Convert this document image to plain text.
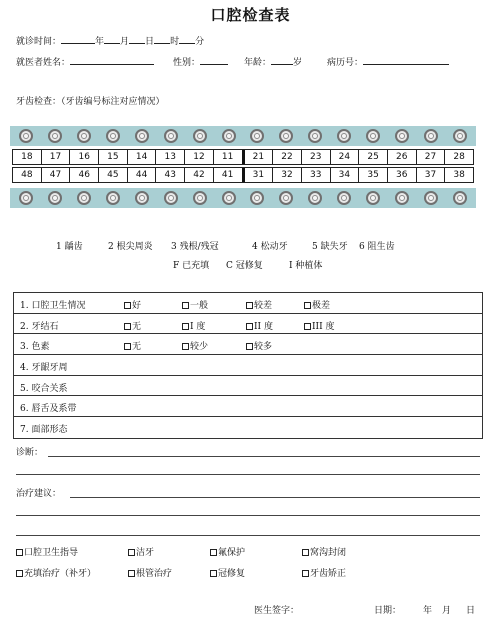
口腔检查表
就诊时间：	年 月 日 时 分
就医者姓名：	性别：	年龄： 岁	病历号：
牙齿检查：（牙齿编号标注对应情况）
18	17	16	15	14	13	12	11	21	22	23	24	25	26	27	28
48	47	46	45	44	43	42	41	31	32	33	34	35	36	37	38
1 龋齿	2 根尖周炎 3 残根/残冠	4 松动牙	5 缺失牙 6 阻生齿
F 已充填 C 冠修复	I 种植体
1. 口腔卫生情况	好	一般	较差	极差
2. 牙结石	无	I 度	II 度	III 度
3. 色素	无	较少	较多
4. 牙龈牙周
5. 咬合关系
6. 唇舌及系带
7. 面部形态
诊断：
治疗建议：
口腔卫生指导	洁牙	氟保护	窝沟封闭
充填治疗（补牙）	根管治疗	冠修复	牙齿矫正
医生签字：	日期： 年 月 日
